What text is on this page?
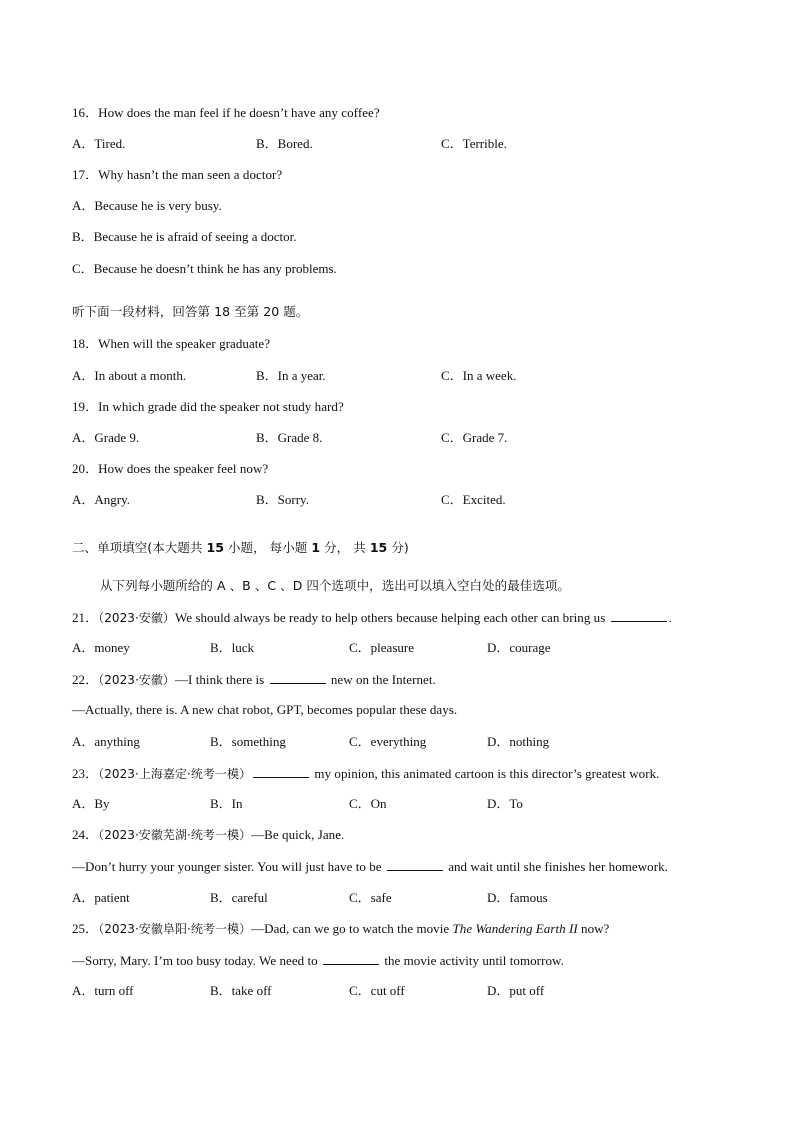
16．How does the man feel if he doesn’t have any coffee?
A．Tired.	B．Bored.	C．Terrible.
17．Why hasn’t the man seen a doctor?
A．Because he is very busy.
B．Because he is afraid of seeing a doctor.
C．Because he doesn’t think he has any problems.
听下面一段材料，回答第 18 至第 20 题。
18．When will the speaker graduate?
A．In about a month.	B．In a year.	C．In a week.
19．In which grade did the speaker not study hard?
A．Grade 9.	B．Grade 8.	C．Grade 7.
20．How does the speaker feel now?
A．Angry.	B．Sorry.	C．Excited.
二、单项填空(本大题共 15 小题， 每小题 1 分， 共 15 分)
从下列每小题所给的 A 、B 、C 、D 四个选项中，选出可以填入空白处的最佳选项。
21．（2023·安徽）We should always be ready to help others because helping each other can bring us	.
A．money	B．luck	C．pleasure	D．courage
22．（2023·安徽）—I think there is	new on the Internet.
—Actually, there is. A new chat robot, GPT, becomes popular these days.
A．anything	B．something	C．everything	D．nothing
23．（2023·上海嘉定·统考一模）	my opinion, this animated cartoon is this director’s greatest work.
A．By	B．In	C．On	D．To
24．（2023·安徽芜湖·统考一模）—Be quick, Jane.
—Don’t hurry your younger sister. You will just have to be	and wait until she finishes her homework.
A．patient	B．careful	C．safe	D．famous
25．（2023·安徽阜阳·统考一模）—Dad, can we go to watch the movie The Wandering Earth II now?
—Sorry, Mary. I’m too busy today. We need to	the movie activity until tomorrow.
A．turn off	B．take off	C．cut off	D．put off
